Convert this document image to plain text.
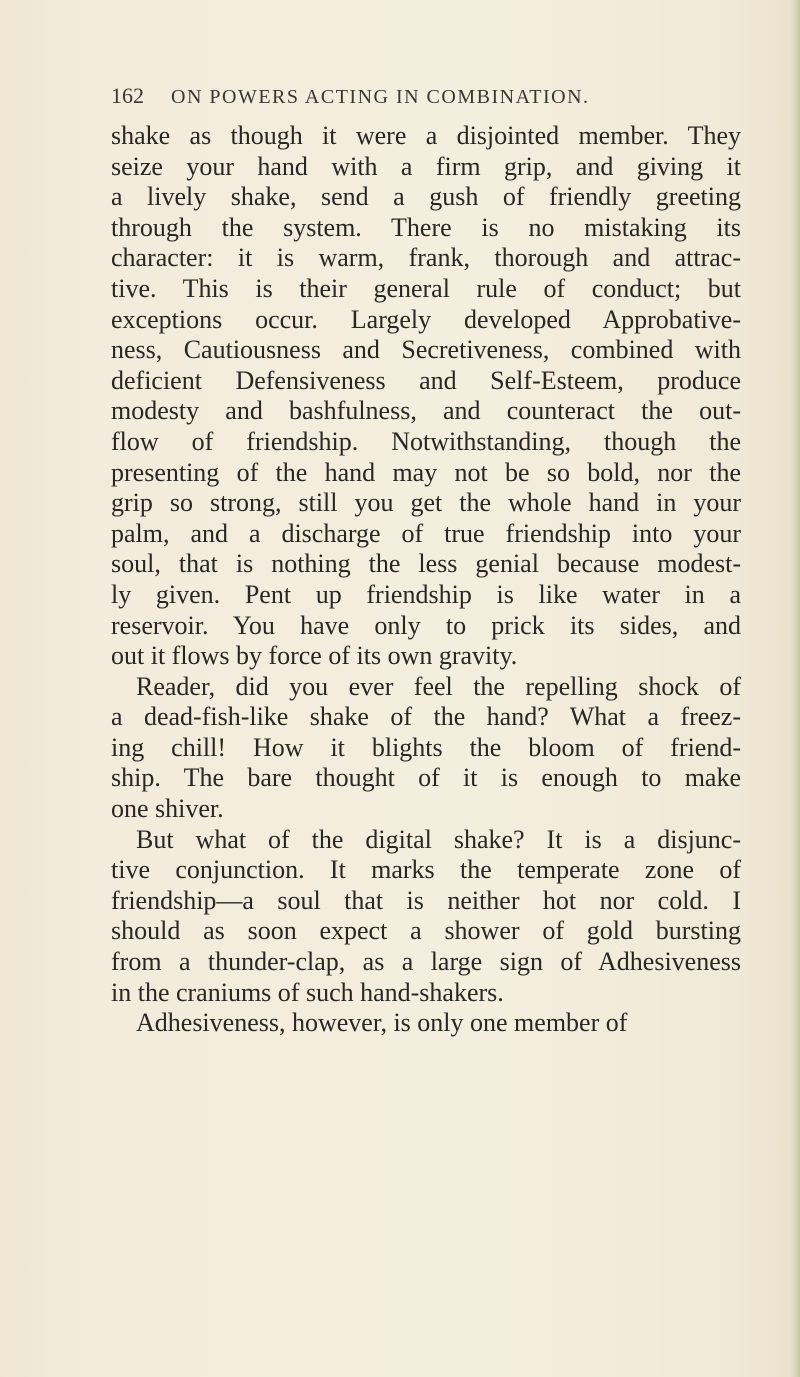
162	ON POWERS ACTING IN COMBINATION.
shake as though it were a disjointed member. They
seize your hand with a firm grip, and giving it
a lively shake, send a gush of friendly greeting
through the system. There is no mistaking its
character: it is warm, frank, thorough and attrac-
tive. This is their general rule of conduct; but
exceptions occur. Largely developed Approbative-
ness, Cautiousness and Secretiveness, combined with
deficient Defensiveness and Self-Esteem, produce
modesty and bashfulness, and counteract the out-
flow of friendship. Notwithstanding, though the
presenting of the hand may not be so bold, nor the
grip so strong, still you get the whole hand in your
palm, and a discharge of true friendship into your
soul, that is nothing the less genial because modest-
ly given. Pent up friendship is like water in a
reservoir. You have only to prick its sides, and
out it flows by force of its own gravity.
Reader, did you ever feel the repelling shock of
a dead-fish-like shake of the hand? What a freez-
ing chill! How it blights the bloom of friend-
ship. The bare thought of it is enough to make
one shiver.
But what of the digital shake? It is a disjunc-
tive conjunction. It marks the temperate zone of
friendship—a soul that is neither hot nor cold. I
should as soon expect a shower of gold bursting
from a thunder-clap, as a large sign of Adhesiveness
in the craniums of such hand-shakers.
Adhesiveness, however, is only one member of
